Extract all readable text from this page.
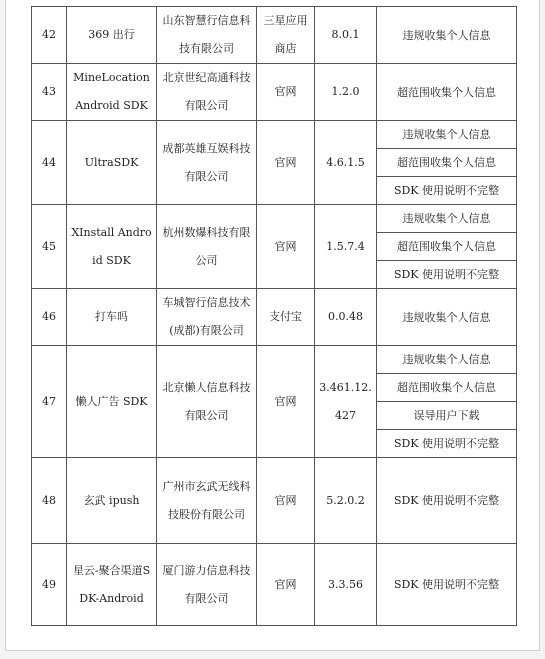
42	369 出行	山东智慧行信息科技有限公司	三星应用商店	8.0.1	违规收集个人信息
43	MineLocation Android SDK	北京世纪高通科技有限公司	官网	1.2.0	超范围收集个人信息
44	UltraSDK	成都英雄互娱科技有限公司	官网	4.6.1.5	违规收集个人信息
					超范围收集个人信息
					SDK 使用说明不完整
45	XInstall Android SDK	杭州数爆科技有限公司	官网	1.5.7.4	违规收集个人信息
					超范围收集个人信息
					SDK 使用说明不完整
46	打车吗	车城智行信息技术(成都)有限公司	支付宝	0.0.48	违规收集个人信息
47	懒人广告 SDK	北京懒人信息科技有限公司	官网	3.461.12.427	违规收集个人信息
					超范围收集个人信息
					误导用户下载
					SDK 使用说明不完整
48	玄武 ipush	广州市玄武无线科技股份有限公司	官网	5.2.0.2	SDK 使用说明不完整
49	星云-聚合渠道SDK-Android	厦门游力信息科技有限公司	官网	3.3.56	SDK 使用说明不完整
